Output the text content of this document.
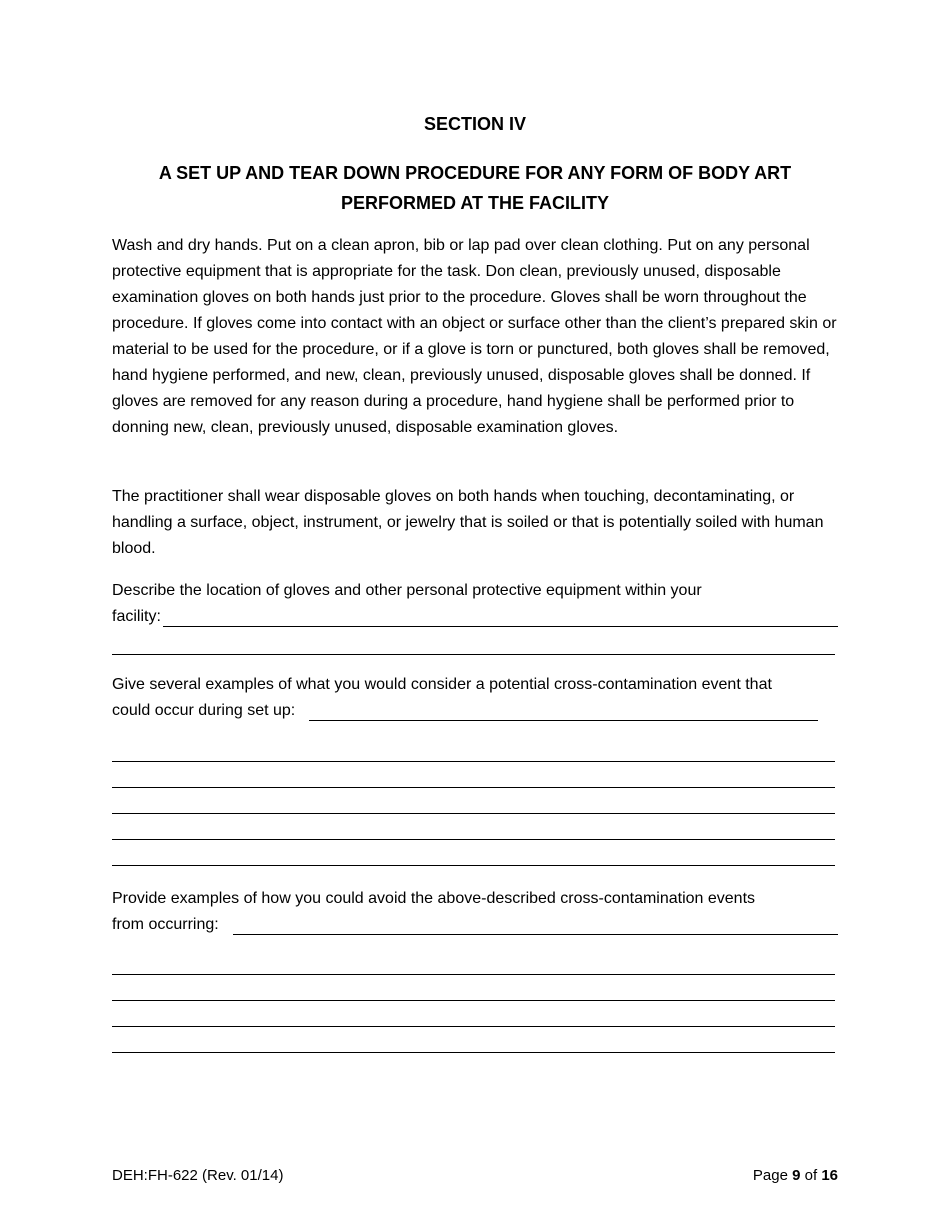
SECTION IV
A SET UP AND TEAR DOWN PROCEDURE FOR ANY FORM OF BODY ART PERFORMED AT THE FACILITY

Wash and dry hands. Put on a clean apron, bib or lap pad over clean clothing. Put on any personal protective equipment that is appropriate for the task. Don clean, previously unused, disposable examination gloves on both hands just prior to the procedure. Gloves shall be worn throughout the procedure. If gloves come into contact with an object or surface other than the client’s prepared skin or material to be used for the procedure, or if a glove is torn or punctured, both gloves shall be removed, hand hygiene performed, and new, clean, previously unused, disposable gloves shall be donned. If gloves are removed for any reason during a procedure, hand hygiene shall be performed prior to donning new, clean, previously unused, disposable examination gloves.

The practitioner shall wear disposable gloves on both hands when touching, decontaminating, or handling a surface, object, instrument, or jewelry that is soiled or that is potentially soiled with human blood.

Describe the location of gloves and other personal protective equipment within your
facility:
Give several examples of what you would consider a potential cross-contamination event that
could occur during set up:
Provide examples of how you could avoid the above-described cross-contamination events
from occurring:
DEH:FH-622 (Rev. 01/14)	Page 9 of 16
